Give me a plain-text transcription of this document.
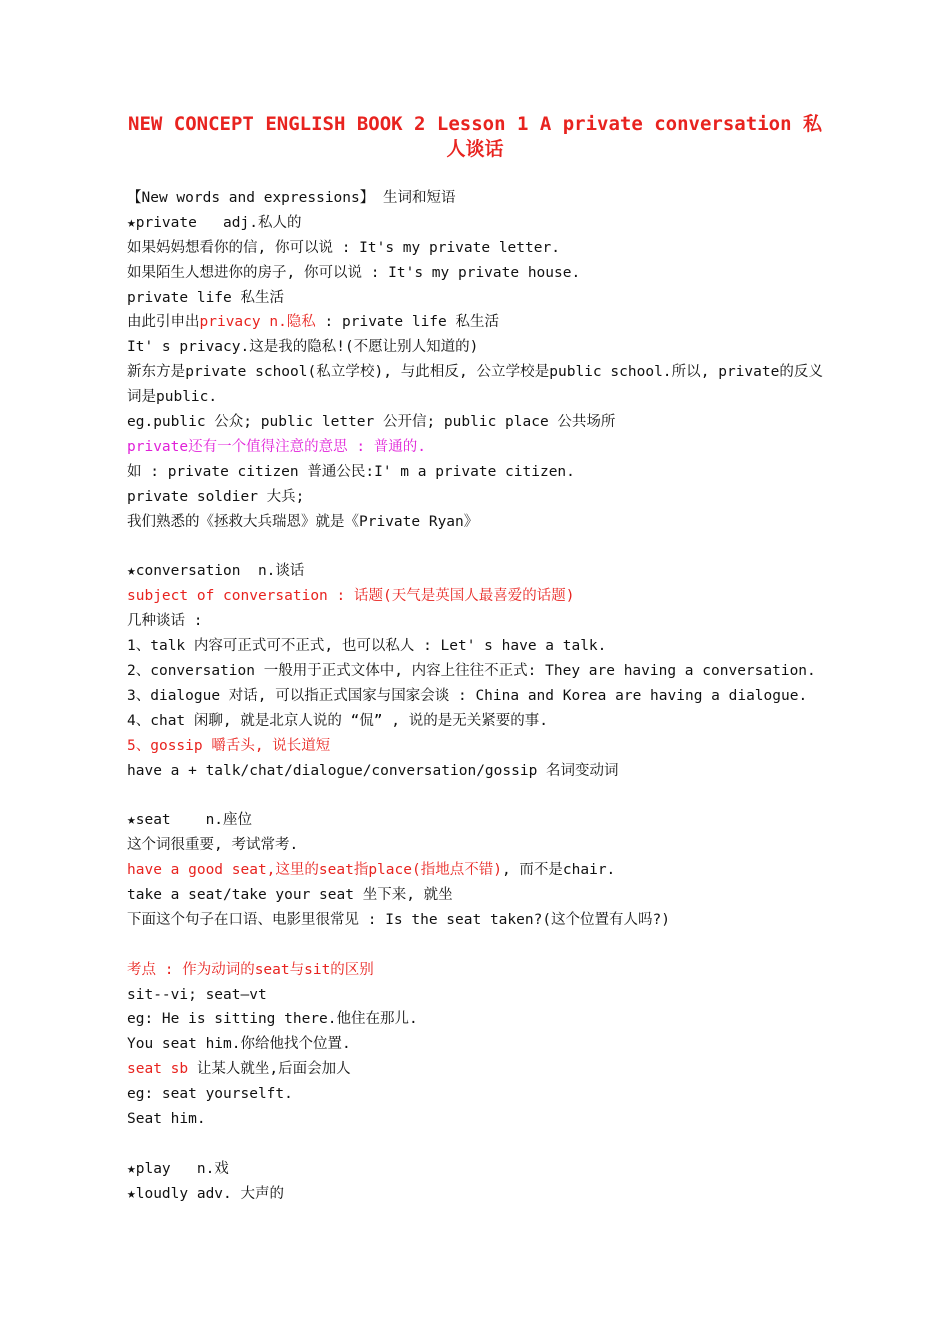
NEW CONCEPT ENGLISH BOOK 2 Lesson 1 A private conversation 私人谈话
【New words and expressions】 生词和短语
★private   adj.私人的
如果妈妈想看你的信, 你可以说 : It's my private letter.
如果陌生人想进你的房子, 你可以说 : It's my private house.
private life 私生活
由此引申出privacy n.隐私 : private life 私生活
It' s privacy.这是我的隐私!(不愿让别人知道的)
新东方是private school(私立学校), 与此相反, 公立学校是public school.所以, private的反义词是public.
eg.public 公众; public letter 公开信; public place 公共场所
private还有一个值得注意的意思 : 普通的.
如 : private citizen 普通公民:I' m a private citizen.
private soldier 大兵;
我们熟悉的《拯救大兵瑞恩》就是《Private Ryan》
★conversation  n.谈话
subject of conversation : 话题(天气是英国人最喜爱的话题)
几种谈话 :
1、talk 内容可正式可不正式, 也可以私人 : Let' s have a talk.
2、conversation 一般用于正式文体中, 内容上往往不正式: They are having a conversation.
3、dialogue 对话, 可以指正式国家与国家会谈 : China and Korea are having a dialogue.
4、chat 闲聊, 就是北京人说的 “侃” , 说的是无关紧要的事.
5、gossip 嚼舌头, 说长道短
have a + talk/chat/dialogue/conversation/gossip 名词变动词
★seat    n.座位
这个词很重要, 考试常考.
have a good seat,这里的seat指place(指地点不错), 而不是chair.
take a seat/take your seat 坐下来, 就坐
下面这个句子在口语、电影里很常见 : Is the seat taken?(这个位置有人吗?)
考点 : 作为动词的seat与sit的区别
sit--vi; seat—vt
eg: He is sitting there.他住在那儿.
You seat him.你给他找个位置.
seat sb 让某人就坐,后面会加人
eg: seat yourselft.
Seat him.
★play   n.戏
★loudly adv. 大声的
